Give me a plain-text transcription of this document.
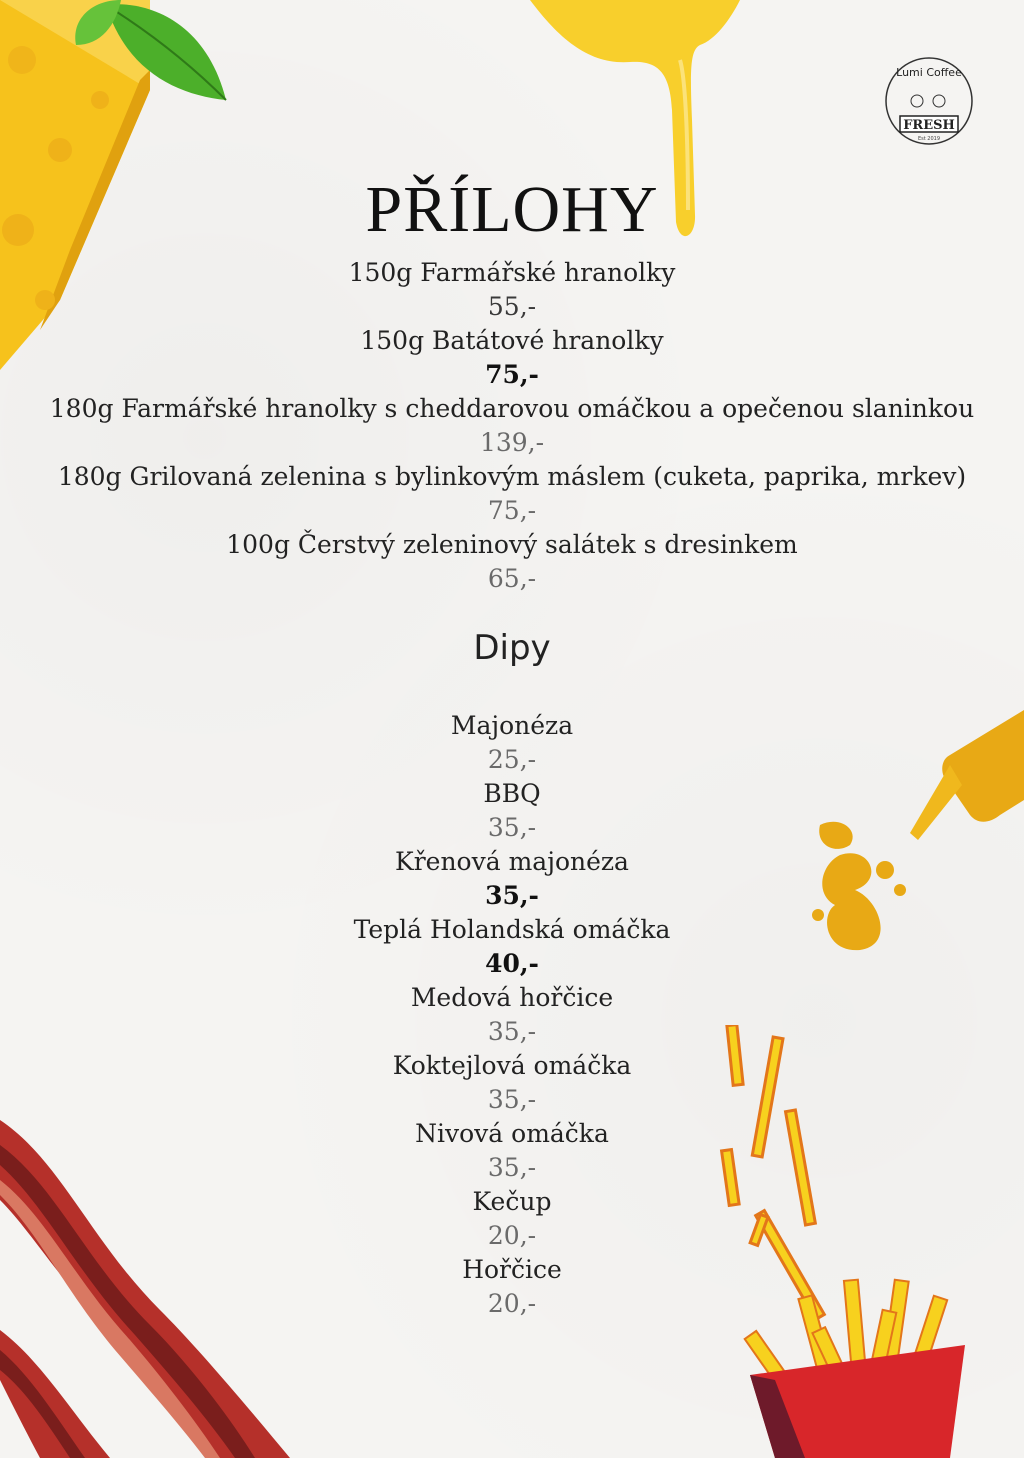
Lumi Coffee
FRESH
Est 2019
PŘÍLOHY
150g Farmářské hranolky
55,-
150g Batátové hranolky
75,-
180g Farmářské hranolky s cheddarovou omáčkou a opečenou slaninkou
139,-
180g Grilovaná zelenina s bylinkovým máslem (cuketa, paprika, mrkev)
75,-
100g Čerstvý zeleninový salátek s dresinkem
65,-
Dipy
Majonéza
25,-
BBQ
35,-
Křenová majonéza
35,-
Teplá Holandská omáčka
40,-
Medová hořčice
35,-
Koktejlová omáčka
35,-
Nivová omáčka
35,-
Kečup
20,-
Hořčice
20,-
